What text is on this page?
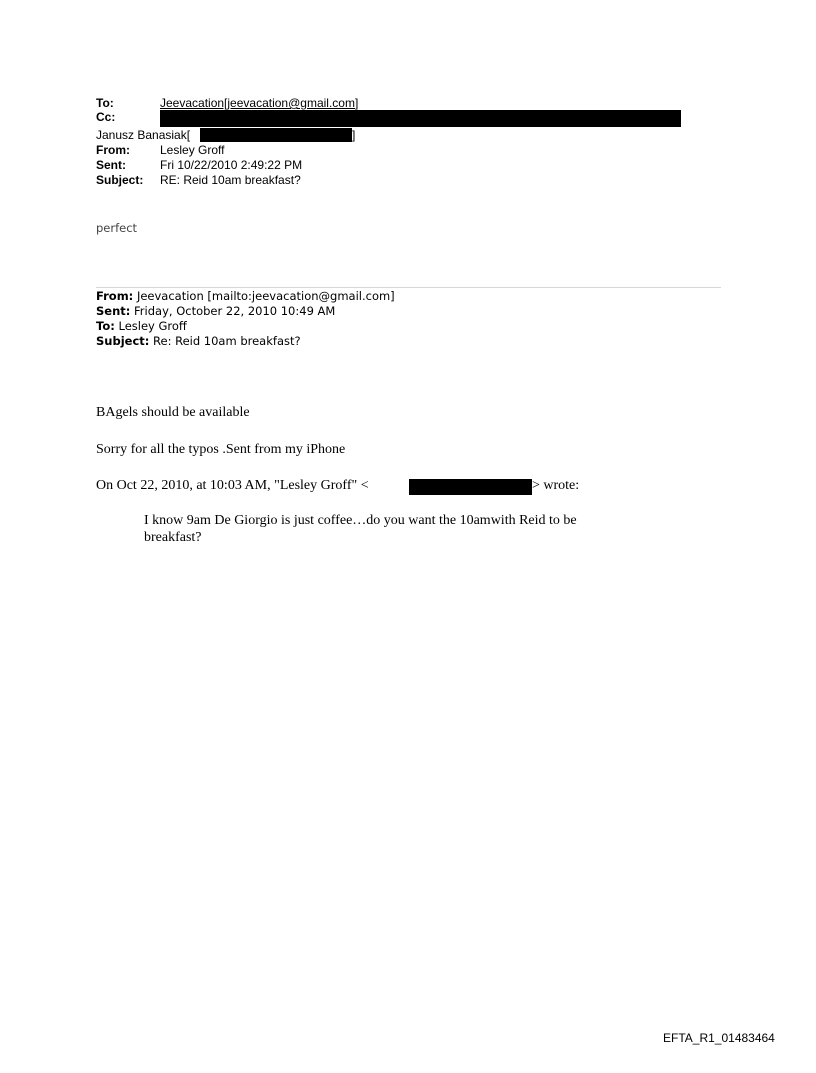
To:	Jeevacation[jeevacation@gmail.com]
Cc:
Janusz Banasiak[	]
From:	Lesley Groff
Sent:	Fri 10/22/2010 2:49:22 PM
Subject: RE: Reid 10am breakfast?
perfect
From: Jeevacation [mailto:jeevacation@gmail.com]
Sent: Friday, October 22, 2010 10:49 AM
To: Lesley Groff
Subject: Re: Reid 10am breakfast?
BAgels should be available
Sorry for all the typos .Sent from my iPhone
On Oct 22, 2010, at 10:03 AM, "Lesley Groff" <	> wrote:
I know 9am De Giorgio is just coffee…do you want the 10amwith Reid to be
breakfast?
EFTA_R1_01483464
